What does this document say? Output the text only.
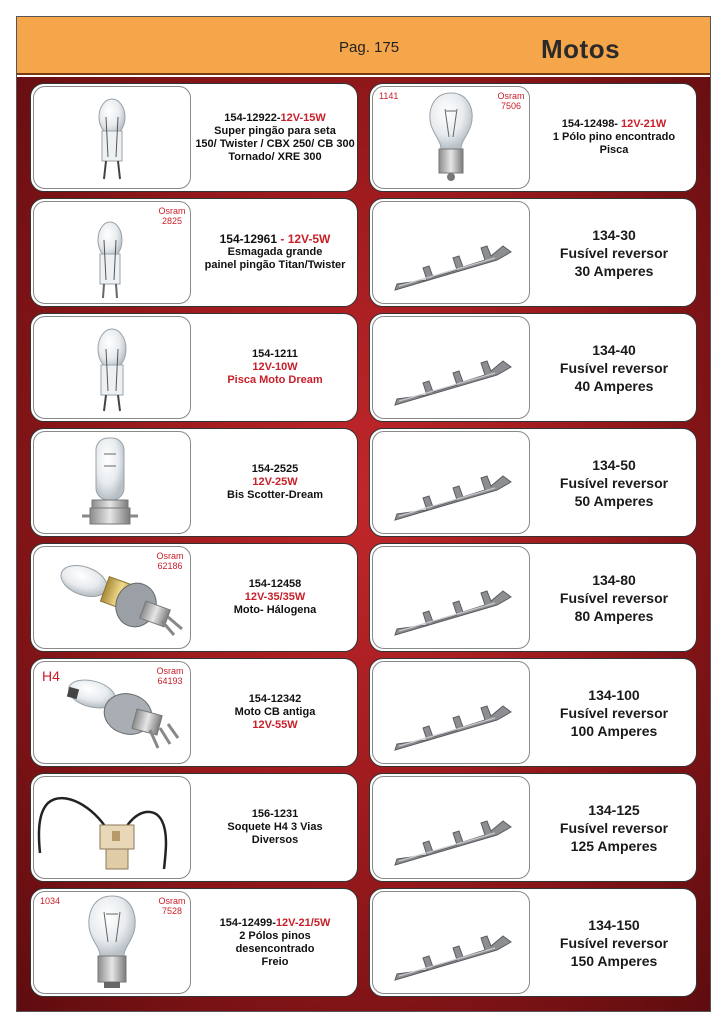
Pag. 175	Motos
154-12922-12V-15W
Super pingão para seta
150/ Twister / CBX 250/ CB 300
Tornado/ XRE 300
Osram
2825
154-12961 - 12V-5W
Esmagada grande
painel pingão Titan/Twister
154-1211
12V-10W
Pisca Moto Dream
154-2525
12V-25W
Bis Scotter-Dream
Osram
62186
154-12458
12V-35/35W
Moto- Hálogena
H4	Osram
64193
154-12342
Moto CB antiga
12V-55W
156-1231
Soquete H4 3 Vias
Diversos
1034	Osram
7528
154-12499-12V-21/5W
2 Pólos pinos
desencontrado
Freio
1141	Osram
7506
154-12498- 12V-21W
1 Pólo pino encontrado
Pisca
134-30
Fusível reversor
30 Amperes
134-40
Fusível reversor
40 Amperes
134-50
Fusível reversor
50 Amperes
134-80
Fusível reversor
80 Amperes
134-100
Fusível reversor
100 Amperes
134-125
Fusível reversor
125 Amperes
134-150
Fusível reversor
150 Amperes
